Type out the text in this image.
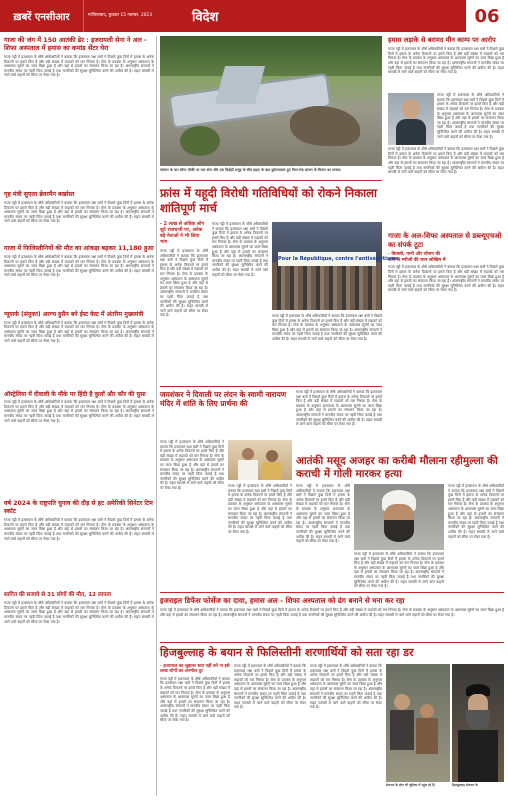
ख़बरें एनसीआर	गाजियाबाद, बुधवार 15 नवम्बर, 2023	विदेश	06
गाजा की जंग में 150 आतंकी ढेर : इजरायली सेना ने अल - शिफा अस्पताल में हमास का कमांड सेंटर घेरा
गाजा पट्टी में इजरायल के शीर्ष अधिकारियों ने बताया कि इजरायल रक्षा बलों ने पिछले कुछ दिनों में हमास के अनेक ठिकानों पर हमले किए हैं और बड़ी संख्या में लड़ाकों को मार गिराया है। सेना के प्रवक्ता के अनुसार अस्पताल के आसपास सुरंगों का जाल बिछा हुआ है और वहां से हमलों का संचालन किया जा रहा है। अंतरराष्ट्रीय संगठनों ने मानवीय संकट पर गहरी चिंता जताई है तथा नागरिकों की सुरक्षा सुनिश्चित करने की अपील की है। राहत सामग्री ले जाने वाले वाहनों को सीमा पर रोका गया है।
गृह मंत्री सुएला ब्रेवरमैन बर्खास्त
गाजा पट्टी में इजरायल के शीर्ष अधिकारियों ने बताया कि इजरायल रक्षा बलों ने पिछले कुछ दिनों में हमास के अनेक ठिकानों पर हमले किए हैं और बड़ी संख्या में लड़ाकों को मार गिराया है। सेना के प्रवक्ता के अनुसार अस्पताल के आसपास सुरंगों का जाल बिछा हुआ है और वहां से हमलों का संचालन किया जा रहा है। अंतरराष्ट्रीय संगठनों ने मानवीय संकट पर गहरी चिंता जताई है तथा नागरिकों की सुरक्षा सुनिश्चित करने की अपील की है। राहत सामग्री ले जाने वाले वाहनों को सीमा पर रोका गया है।
गाजा में फिलिस्तीनियों की मौत का आंकड़ा बढ़कर 11,180 हुआ
गाजा पट्टी में इजरायल के शीर्ष अधिकारियों ने बताया कि इजरायल रक्षा बलों ने पिछले कुछ दिनों में हमास के अनेक ठिकानों पर हमले किए हैं और बड़ी संख्या में लड़ाकों को मार गिराया है। सेना के प्रवक्ता के अनुसार अस्पताल के आसपास सुरंगों का जाल बिछा हुआ है और वहां से हमलों का संचालन किया जा रहा है। अंतरराष्ट्रीय संगठनों ने मानवीय संकट पर गहरी चिंता जताई है तथा नागरिकों की सुरक्षा सुनिश्चित करने की अपील की है। राहत सामग्री ले जाने वाले वाहनों को सीमा पर रोका गया है।
न्यूयार्क (संयुक्त) अरण्य हुसैन बने ईस्ट वेस्ट में अंतरिम मुख्यमंत्री
गाजा पट्टी में इजरायल के शीर्ष अधिकारियों ने बताया कि इजरायल रक्षा बलों ने पिछले कुछ दिनों में हमास के अनेक ठिकानों पर हमले किए हैं और बड़ी संख्या में लड़ाकों को मार गिराया है। सेना के प्रवक्ता के अनुसार अस्पताल के आसपास सुरंगों का जाल बिछा हुआ है और वहां से हमलों का संचालन किया जा रहा है। अंतरराष्ट्रीय संगठनों ने मानवीय संकट पर गहरी चिंता जताई है तथा नागरिकों की सुरक्षा सुनिश्चित करने की अपील की है। राहत सामग्री ले जाने वाले वाहनों को सीमा पर रोका गया है।
ऑस्ट्रेलिया में दीवाली के मौके पर हिंदी है कुलों और कौर की घुसा
गाजा पट्टी में इजरायल के शीर्ष अधिकारियों ने बताया कि इजरायल रक्षा बलों ने पिछले कुछ दिनों में हमास के अनेक ठिकानों पर हमले किए हैं और बड़ी संख्या में लड़ाकों को मार गिराया है। सेना के प्रवक्ता के अनुसार अस्पताल के आसपास सुरंगों का जाल बिछा हुआ है और वहां से हमलों का संचालन किया जा रहा है। अंतरराष्ट्रीय संगठनों ने मानवीय संकट पर गहरी चिंता जताई है तथा नागरिकों की सुरक्षा सुनिश्चित करने की अपील की है। राहत सामग्री ले जाने वाले वाहनों को सीमा पर रोका गया है।
वर्ष 2024 के राष्ट्रपति चुनाव की दौड़ से हट अमेरिकी सिनेटर टिम स्कॉट
गाजा पट्टी में इजरायल के शीर्ष अधिकारियों ने बताया कि इजरायल रक्षा बलों ने पिछले कुछ दिनों में हमास के अनेक ठिकानों पर हमले किए हैं और बड़ी संख्या में लड़ाकों को मार गिराया है। सेना के प्रवक्ता के अनुसार अस्पताल के आसपास सुरंगों का जाल बिछा हुआ है और वहां से हमलों का संचालन किया जा रहा है। अंतरराष्ट्रीय संगठनों ने मानवीय संकट पर गहरी चिंता जताई है तथा नागरिकों की सुरक्षा सुनिश्चित करने की अपील की है। राहत सामग्री ले जाने वाले वाहनों को सीमा पर रोका गया है।
सागित की सजाये से 31 लोगों की मौत, 12 लापता
गाजा पट्टी में इजरायल के शीर्ष अधिकारियों ने बताया कि इजरायल रक्षा बलों ने पिछले कुछ दिनों में हमास के अनेक ठिकानों पर हमले किए हैं और बड़ी संख्या में लड़ाकों को मार गिराया है। सेना के प्रवक्ता के अनुसार अस्पताल के आसपास सुरंगों का जाल बिछा हुआ है और वहां से हमलों का संचालन किया जा रहा है। अंतरराष्ट्रीय संगठनों ने मानवीय संकट पर गहरी चिंता जताई है तथा नागरिकों की सुरक्षा सुनिश्चित करने की अपील की है। राहत सामग्री ले जाने वाले वाहनों को सीमा पर रोका गया है।
म्यांमार के चार सीमा चौकी पर चल सेना और उस विद्रोही समूह के बीच झड़प के बाद दुर्घटनाग्रस्त हुए मिल-टेक शासन के विमान का मलबा।
हमास लड़ाके से बरामद मीन काम्प पर आरोप
गाजा पट्टी में इजरायल के शीर्ष अधिकारियों ने बताया कि इजरायल रक्षा बलों ने पिछले कुछ दिनों में हमास के अनेक ठिकानों पर हमले किए हैं और बड़ी संख्या में लड़ाकों को मार गिराया है। सेना के प्रवक्ता के अनुसार अस्पताल के आसपास सुरंगों का जाल बिछा हुआ है और वहां से हमलों का संचालन किया जा रहा है। अंतरराष्ट्रीय संगठनों ने मानवीय संकट पर गहरी चिंता जताई है तथा नागरिकों की सुरक्षा सुनिश्चित करने की अपील की है। राहत सामग्री ले जाने वाले वाहनों को सीमा पर रोका गया है।
गाजा पट्टी में इजरायल के शीर्ष अधिकारियों ने बताया कि इजरायल रक्षा बलों ने पिछले कुछ दिनों में हमास के अनेक ठिकानों पर हमले किए हैं और बड़ी संख्या में लड़ाकों को मार गिराया है। सेना के प्रवक्ता के अनुसार अस्पताल के आसपास सुरंगों का जाल बिछा हुआ है और वहां से हमलों का संचालन किया जा रहा है। अंतरराष्ट्रीय संगठनों ने मानवीय संकट पर गहरी चिंता जताई है तथा नागरिकों की सुरक्षा सुनिश्चित करने की अपील की है। राहत सामग्री ले जाने वाले वाहनों को सीमा पर रोका गया है।
गाजा पट्टी में इजरायल के शीर्ष अधिकारियों ने बताया कि इजरायल रक्षा बलों ने पिछले कुछ दिनों में हमास के अनेक ठिकानों पर हमले किए हैं और बड़ी संख्या में लड़ाकों को मार गिराया है। सेना के प्रवक्ता के अनुसार अस्पताल के आसपास सुरंगों का जाल बिछा हुआ है और वहां से हमलों का संचालन किया जा रहा है। अंतरराष्ट्रीय संगठनों ने मानवीय संकट पर गहरी चिंता जताई है तथा नागरिकों की सुरक्षा सुनिश्चित करने की अपील की है। राहत सामग्री ले जाने वाले वाहनों को सीमा पर रोका गया है।
फ्रांस में यहूदी विरोधी गतिविधियों को रोकने निकाला शांतिपूर्ण मार्च
गाजा के अल-शिफा अस्पताल से डब्ल्यूएचओ का संपर्क टूटा
- बिजली, पानी और चोजन की कमी से मरीजों की जान जोखिम में
गाजा पट्टी में इजरायल के शीर्ष अधिकारियों ने बताया कि इजरायल रक्षा बलों ने पिछले कुछ दिनों में हमास के अनेक ठिकानों पर हमले किए हैं और बड़ी संख्या में लड़ाकों को मार गिराया है। सेना के प्रवक्ता के अनुसार अस्पताल के आसपास सुरंगों का जाल बिछा हुआ है और वहां से हमलों का संचालन किया जा रहा है। अंतरराष्ट्रीय संगठनों ने मानवीय संकट पर गहरी चिंता जताई है तथा नागरिकों की सुरक्षा सुनिश्चित करने की अपील की है। राहत सामग्री ले जाने वाले वाहनों को सीमा पर रोका गया है।
- 2 लाख से अधिक लोग जुटे राजधानी पर, अनेक बड़े नेताओं ने भी लिया भाग
गाजा पट्टी में इजरायल के शीर्ष अधिकारियों ने बताया कि इजरायल रक्षा बलों ने पिछले कुछ दिनों में हमास के अनेक ठिकानों पर हमले किए हैं और बड़ी संख्या में लड़ाकों को मार गिराया है। सेना के प्रवक्ता के अनुसार अस्पताल के आसपास सुरंगों का जाल बिछा हुआ है और वहां से हमलों का संचालन किया जा रहा है। अंतरराष्ट्रीय संगठनों ने मानवीय संकट पर गहरी चिंता जताई है तथा नागरिकों की सुरक्षा सुनिश्चित करने की अपील की है। राहत सामग्री ले जाने वाले वाहनों को सीमा पर रोका गया है।
गाजा पट्टी में इजरायल के शीर्ष अधिकारियों ने बताया कि इजरायल रक्षा बलों ने पिछले कुछ दिनों में हमास के अनेक ठिकानों पर हमले किए हैं और बड़ी संख्या में लड़ाकों को मार गिराया है। सेना के प्रवक्ता के अनुसार अस्पताल के आसपास सुरंगों का जाल बिछा हुआ है और वहां से हमलों का संचालन किया जा रहा है। अंतरराष्ट्रीय संगठनों ने मानवीय संकट पर गहरी चिंता जताई है तथा नागरिकों की सुरक्षा सुनिश्चित करने की अपील की है। राहत सामग्री ले जाने वाले वाहनों को सीमा पर रोका गया है।
Pour la République, contre l'antisémitisme
गाजा पट्टी में इजरायल के शीर्ष अधिकारियों ने बताया कि इजरायल रक्षा बलों ने पिछले कुछ दिनों में हमास के अनेक ठिकानों पर हमले किए हैं और बड़ी संख्या में लड़ाकों को मार गिराया है। सेना के प्रवक्ता के अनुसार अस्पताल के आसपास सुरंगों का जाल बिछा हुआ है और वहां से हमलों का संचालन किया जा रहा है। अंतरराष्ट्रीय संगठनों ने मानवीय संकट पर गहरी चिंता जताई है तथा नागरिकों की सुरक्षा सुनिश्चित करने की अपील की है। राहत सामग्री ले जाने वाले वाहनों को सीमा पर रोका गया है।
जयशंकर ने दिवाली पर लंदन के स्वामी नारायण मंदिर में शांति के लिए प्रार्थना की
गाजा पट्टी में इजरायल के शीर्ष अधिकारियों ने बताया कि इजरायल रक्षा बलों ने पिछले कुछ दिनों में हमास के अनेक ठिकानों पर हमले किए हैं और बड़ी संख्या में लड़ाकों को मार गिराया है। सेना के प्रवक्ता के अनुसार अस्पताल के आसपास सुरंगों का जाल बिछा हुआ है और वहां से हमलों का संचालन किया जा रहा है। अंतरराष्ट्रीय संगठनों ने मानवीय संकट पर गहरी चिंता जताई है तथा नागरिकों की सुरक्षा सुनिश्चित करने की अपील की है। राहत सामग्री ले जाने वाले वाहनों को सीमा पर रोका गया है।	गाजा पट्टी में इजरायल के शीर्ष अधिकारियों ने बताया कि इजरायल रक्षा बलों ने पिछले कुछ दिनों में हमास के अनेक ठिकानों पर हमले किए हैं और बड़ी संख्या में लड़ाकों को मार गिराया है। सेना के प्रवक्ता के अनुसार अस्पताल के आसपास सुरंगों का जाल बिछा हुआ है और वहां से हमलों का संचालन किया जा रहा है। अंतरराष्ट्रीय संगठनों ने मानवीय संकट पर गहरी चिंता जताई है तथा नागरिकों की सुरक्षा सुनिश्चित करने की अपील की है। राहत सामग्री ले जाने वाले वाहनों को सीमा पर रोका गया है।
गाजा पट्टी में इजरायल के शीर्ष अधिकारियों ने बताया कि इजरायल रक्षा बलों ने पिछले कुछ दिनों में हमास के अनेक ठिकानों पर हमले किए हैं और बड़ी संख्या में लड़ाकों को मार गिराया है। सेना के प्रवक्ता के अनुसार अस्पताल के आसपास सुरंगों का जाल बिछा हुआ है और वहां से हमलों का संचालन किया जा रहा है। अंतरराष्ट्रीय संगठनों ने मानवीय संकट पर गहरी चिंता जताई है तथा नागरिकों की सुरक्षा सुनिश्चित करने की अपील की है। राहत सामग्री ले जाने वाले वाहनों को सीमा पर रोका गया है।
आतंकी मसूद अजहर का करीबी मौलाना रहीमुल्ला की कराची में गोली मारकर हत्या
गाजा पट्टी में इजरायल के शीर्ष अधिकारियों ने बताया कि इजरायल रक्षा बलों ने पिछले कुछ दिनों में हमास के अनेक ठिकानों पर हमले किए हैं और बड़ी संख्या में लड़ाकों को मार गिराया है। सेना के प्रवक्ता के अनुसार अस्पताल के आसपास सुरंगों का जाल बिछा हुआ है और वहां से हमलों का संचालन किया जा रहा है। अंतरराष्ट्रीय संगठनों ने मानवीय संकट पर गहरी चिंता जताई है तथा नागरिकों की सुरक्षा सुनिश्चित करने की अपील की है। राहत सामग्री ले जाने वाले वाहनों को सीमा पर रोका गया है।
गाजा पट्टी में इजरायल के शीर्ष अधिकारियों ने बताया कि इजरायल रक्षा बलों ने पिछले कुछ दिनों में हमास के अनेक ठिकानों पर हमले किए हैं और बड़ी संख्या में लड़ाकों को मार गिराया है। सेना के प्रवक्ता के अनुसार अस्पताल के आसपास सुरंगों का जाल बिछा हुआ है और वहां से हमलों का संचालन किया जा रहा है। अंतरराष्ट्रीय संगठनों ने मानवीय संकट पर गहरी चिंता जताई है तथा नागरिकों की सुरक्षा सुनिश्चित करने की अपील की है। राहत सामग्री ले जाने वाले वाहनों को सीमा पर रोका गया है।
गाजा पट्टी में इजरायल के शीर्ष अधिकारियों ने बताया कि इजरायल रक्षा बलों ने पिछले कुछ दिनों में हमास के अनेक ठिकानों पर हमले किए हैं और बड़ी संख्या में लड़ाकों को मार गिराया है। सेना के प्रवक्ता के अनुसार अस्पताल के आसपास सुरंगों का जाल बिछा हुआ है और वहां से हमलों का संचालन किया जा रहा है। अंतरराष्ट्रीय संगठनों ने मानवीय संकट पर गहरी चिंता जताई है तथा नागरिकों की सुरक्षा सुनिश्चित करने की अपील की है। राहत सामग्री ले जाने वाले वाहनों को सीमा पर रोका गया है।
इजराइल डिफेंस फोर्सेज का दावा, हमास अल - शिफा अस्पताल को ढंग बनाने से मना कर रहा
गाजा पट्टी में इजरायल के शीर्ष अधिकारियों ने बताया कि इजरायल रक्षा बलों ने पिछले कुछ दिनों में हमास के अनेक ठिकानों पर हमले किए हैं और बड़ी संख्या में लड़ाकों को मार गिराया है। सेना के प्रवक्ता के अनुसार अस्पताल के आसपास सुरंगों का जाल बिछा हुआ है और वहां से हमलों का संचालन किया जा रहा है। अंतरराष्ट्रीय संगठनों ने मानवीय संकट पर गहरी चिंता जताई है तथा नागरिकों की सुरक्षा सुनिश्चित करने की अपील की है। राहत सामग्री ले जाने वाले वाहनों को सीमा पर रोका गया है।
हिजबुल्लाह के बयान से फिलिस्तीनी शरणार्थियों को सता रहा डर
- इजरायल का जुझारू सवा नहीं बने ना इसे लाख लोगों का अनमोल दुर
गाजा पट्टी में इजरायल के शीर्ष अधिकारियों ने बताया कि इजरायल रक्षा बलों ने पिछले कुछ दिनों में हमास के अनेक ठिकानों पर हमले किए हैं और बड़ी संख्या में लड़ाकों को मार गिराया है। सेना के प्रवक्ता के अनुसार अस्पताल के आसपास सुरंगों का जाल बिछा हुआ है और वहां से हमलों का संचालन किया जा रहा है। अंतरराष्ट्रीय संगठनों ने मानवीय संकट पर गहरी चिंता जताई है तथा नागरिकों की सुरक्षा सुनिश्चित करने की अपील की है। राहत सामग्री ले जाने वाले वाहनों को सीमा पर रोका गया है।
गाजा पट्टी में इजरायल के शीर्ष अधिकारियों ने बताया कि इजरायल रक्षा बलों ने पिछले कुछ दिनों में हमास के अनेक ठिकानों पर हमले किए हैं और बड़ी संख्या में लड़ाकों को मार गिराया है। सेना के प्रवक्ता के अनुसार अस्पताल के आसपास सुरंगों का जाल बिछा हुआ है और वहां से हमलों का संचालन किया जा रहा है। अंतरराष्ट्रीय संगठनों ने मानवीय संकट पर गहरी चिंता जताई है तथा नागरिकों की सुरक्षा सुनिश्चित करने की अपील की है। राहत सामग्री ले जाने वाले वाहनों को सीमा पर रोका गया है।
गाजा पट्टी में इजरायल के शीर्ष अधिकारियों ने बताया कि इजरायल रक्षा बलों ने पिछले कुछ दिनों में हमास के अनेक ठिकानों पर हमले किए हैं और बड़ी संख्या में लड़ाकों को मार गिराया है। सेना के प्रवक्ता के अनुसार अस्पताल के आसपास सुरंगों का जाल बिछा हुआ है और वहां से हमलों का संचालन किया जा रहा है। अंतरराष्ट्रीय संगठनों ने मानवीय संकट पर गहरी चिंता जताई है तथा नागरिकों की सुरक्षा सुनिश्चित करने की अपील की है। राहत सामग्री ले जाने वाले वाहनों को सीमा पर रोका गया है।
लेबनान के लोग भी भूमिका में पहुंच रहे हैं।	हिजबुल्लाह लेबनान के
